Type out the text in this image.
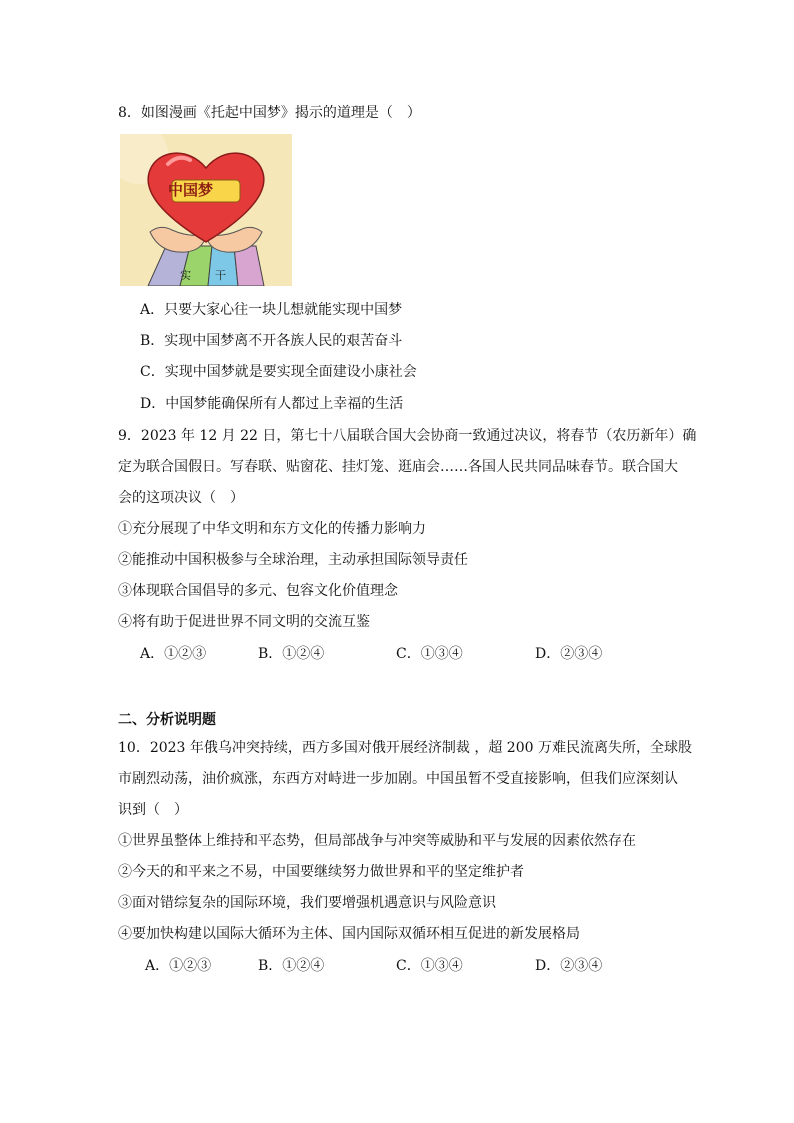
8．如图漫画《托起中国梦》揭示的道理是（　）
中国梦
实 干
A．只要大家心往一块儿想就能实现中国梦
B．实现中国梦离不开各族人民的艰苦奋斗
C．实现中国梦就是要实现全面建设小康社会
D．中国梦能确保所有人都过上幸福的生活
9．2023 年 12 月 22 日，第七十八届联合国大会协商一致通过决议，将春节（农历新年）确
定为联合国假日。写春联、贴窗花、挂灯笼、逛庙会……各国人民共同品味春节。联合国大
会的这项决议（　）
①充分展现了中华文明和东方文化的传播力影响力
②能推动中国积极参与全球治理，主动承担国际领导责任
③体现联合国倡导的多元、包容文化价值理念
④将有助于促进世界不同文明的交流互鉴
A．①②③	B．①②④	C．①③④	D．②③④
二、分析说明题
10．2023 年俄乌冲突持续，西方多国对俄开展经济制裁 ，超 200 万难民流离失所，全球股
市剧烈动荡，油价疯涨，东西方对峙进一步加剧。中国虽暂不受直接影响，但我们应深刻认
识到（　）
①世界虽整体上维持和平态势，但局部战争与冲突等威胁和平与发展的因素依然存在
②今天的和平来之不易，中国要继续努力做世界和平的坚定维护者
③面对错综复杂的国际环境，我们要增强机遇意识与风险意识
④要加快构建以国际大循环为主体、国内国际双循环相互促进的新发展格局
A．①②③	B．①②④	C．①③④	D．②③④
